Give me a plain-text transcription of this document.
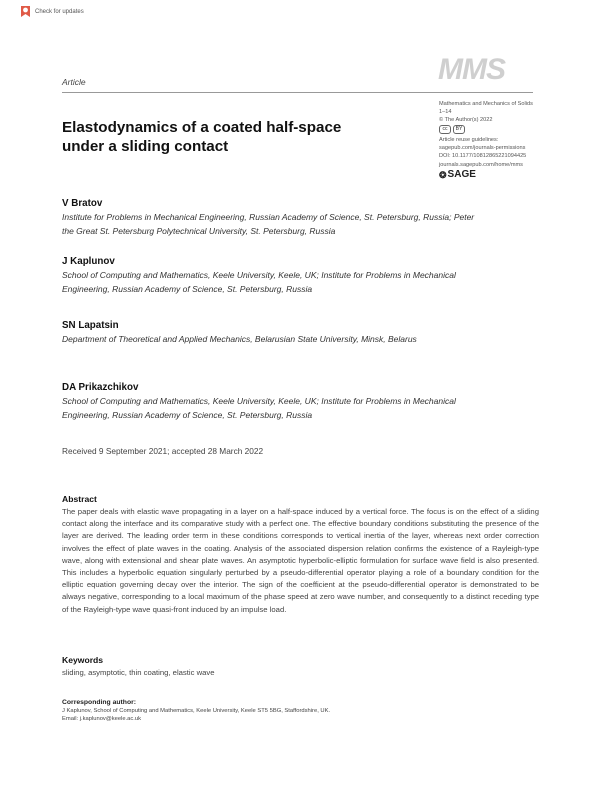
Check for updates
Article	MMS
Mathematics and Mechanics of Solids
1–14
© The Author(s) 2022
cc	BY
Article reuse guidelines:
sagepub.com/journals-permissions
DOI: 10.1177/10812865221094425
journals.sagepub.com/home/mms
❂ SAGE
Elastodynamics of a coated half-space under a sliding contact
V Bratov
Institute for Problems in Mechanical Engineering, Russian Academy of Science, St. Petersburg, Russia; Peter the Great St. Petersburg Polytechnical University, St. Petersburg, Russia
J Kaplunov
School of Computing and Mathematics, Keele University, Keele, UK; Institute for Problems in Mechanical Engineering, Russian Academy of Science, St. Petersburg, Russia
SN Lapatsin
Department of Theoretical and Applied Mechanics, Belarusian State University, Minsk, Belarus
DA Prikazchikov
School of Computing and Mathematics, Keele University, Keele, UK; Institute for Problems in Mechanical Engineering, Russian Academy of Science, St. Petersburg, Russia
Received 9 September 2021; accepted 28 March 2022
Abstract
The paper deals with elastic wave propagating in a layer on a half-space induced by a vertical force. The focus is on the effect of a sliding contact along the interface and its comparative study with a perfect one. The effective boundary conditions substituting the presence of the layer are derived. The leading order term in these conditions corresponds to vertical inertia of the layer, whereas next order correction involves the effect of plate waves in the coating. Analysis of the associated dispersion relation confirms the existence of a Rayleigh-type wave, along with extensional and shear plate waves. An asymptotic hyperbolic-elliptic formulation for surface wave field is also presented. This includes a hyperbolic equation singularly perturbed by a pseudo-differential operator playing a role of a boundary condition for the elliptic equation governing decay over the interior. The sign of the coefficient at the pseudo-differential operator is demonstrated to be always negative, corresponding to a local maximum of the phase speed at zero wave number, and consequently to a distinct receding type of the Rayleigh-type wave quasi-front induced by an impulse load.
Keywords
sliding, asymptotic, thin coating, elastic wave
Corresponding author:
J Kaplunov, School of Computing and Mathematics, Keele University, Keele ST5 5BG, Staffordshire, UK.
Email: j.kaplunov@keele.ac.uk
